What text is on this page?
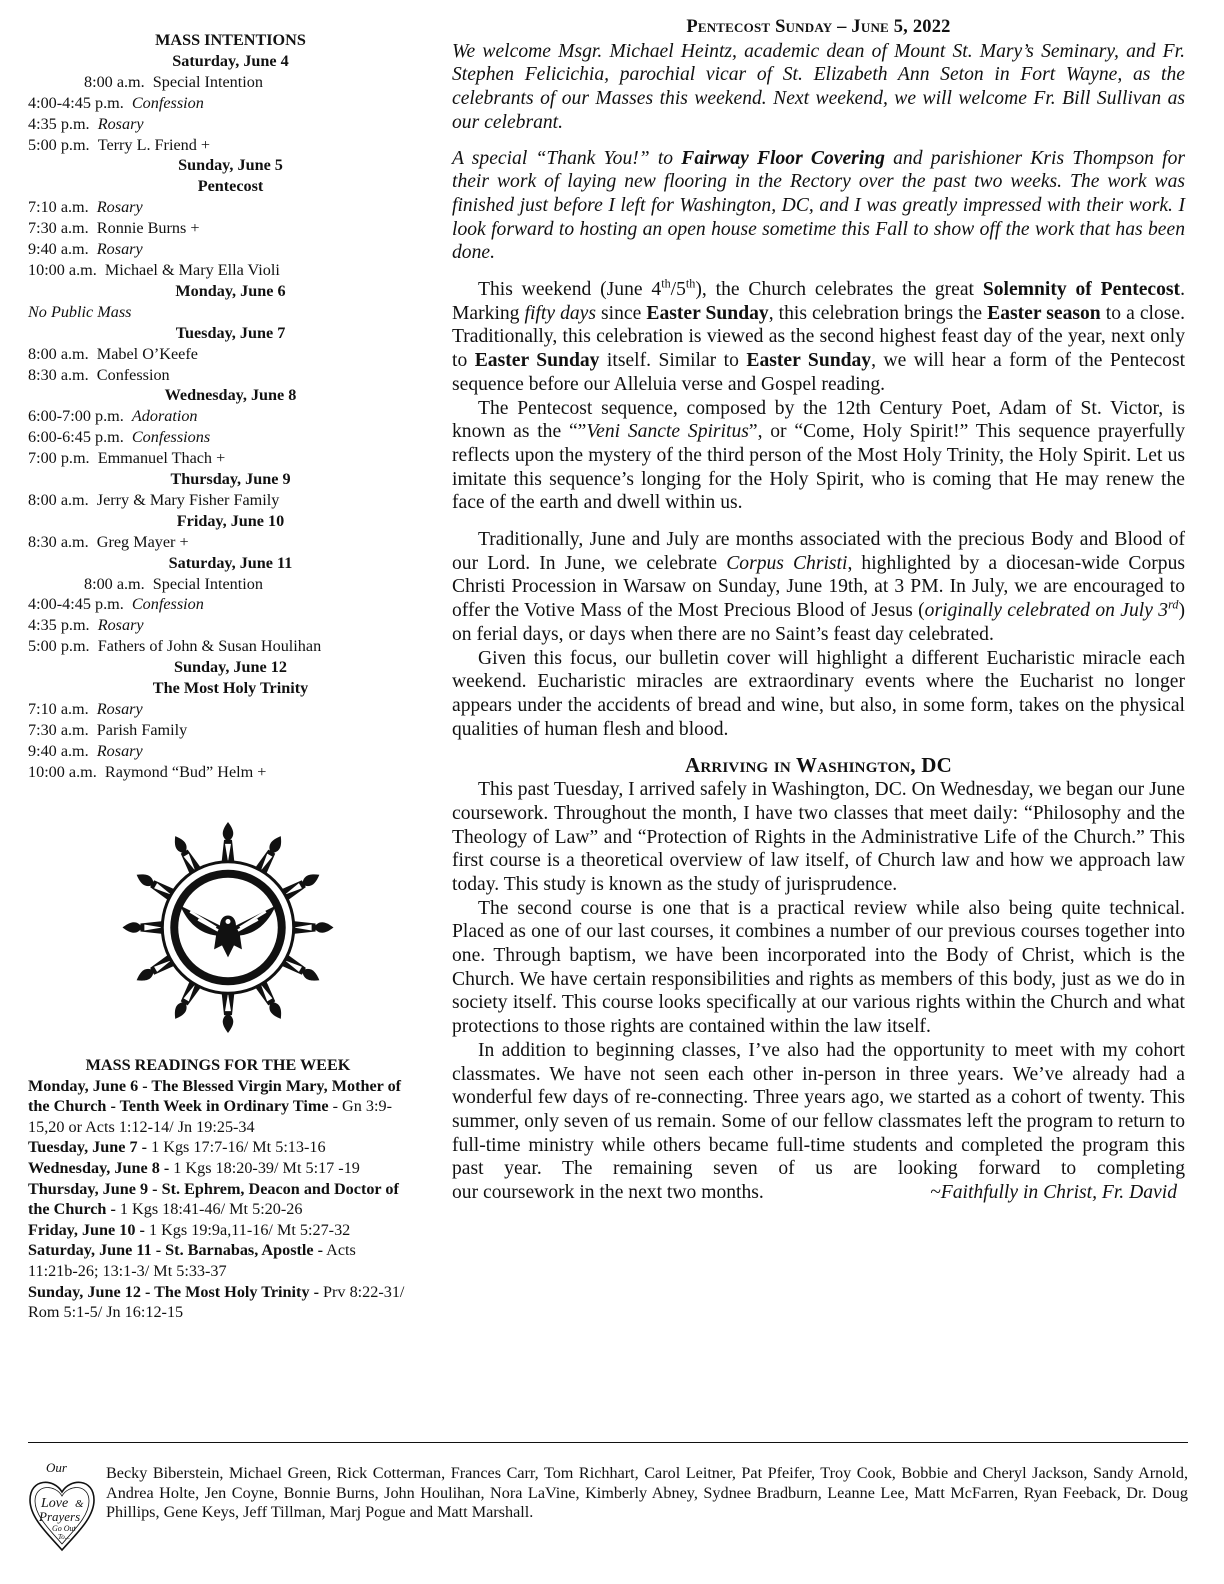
MASS INTENTIONS
Saturday, June 4
8:00 a.m.  Special Intention
4:00-4:45 p.m.  Confession
4:35 p.m.  Rosary
5:00 p.m.  Terry L. Friend +
Sunday, June 5
Pentecost
7:10 a.m.  Rosary
7:30 a.m.  Ronnie Burns +
9:40 a.m.  Rosary
10:00 a.m.  Michael & Mary Ella Violi
Monday, June 6
No Public Mass
Tuesday, June 7
8:00 a.m.  Mabel O’Keefe
8:30 a.m.  Confession
Wednesday, June 8
6:00-7:00 p.m.  Adoration
6:00-6:45 p.m.  Confessions
7:00 p.m.  Emmanuel Thach +
Thursday, June 9
8:00 a.m.  Jerry & Mary Fisher Family
Friday, June 10
8:30 a.m.  Greg Mayer +
Saturday, June 11
8:00 a.m.  Special Intention
4:00-4:45 p.m.  Confession
4:35 p.m.  Rosary
5:00 p.m.  Fathers of John & Susan Houlihan
Sunday, June 12
The Most Holy Trinity
7:10 a.m.  Rosary
7:30 a.m.  Parish Family
9:40 a.m.  Rosary
10:00 a.m.  Raymond “Bud” Helm +
MASS READINGS FOR THE WEEK

Monday, June 6 - The Blessed Virgin Mary, Mother of the Church - Tenth Week in Ordinary Time - Gn 3:9-15,20 or Acts 1:12-14/ Jn 19:25-34

Tuesday, June 7 - 1 Kgs 17:7-16/ Mt 5:13-16

Wednesday, June 8 - 1 Kgs 18:20-39/ Mt 5:17 -19

Thursday, June 9 - St. Ephrem, Deacon and Doctor of the Church - 1 Kgs 18:41-46/ Mt 5:20-26

Friday, June 10 - 1 Kgs 19:9a,11-16/ Mt 5:27-32

Saturday, June 11 - St. Barnabas, Apostle - Acts 11:21b-26; 13:1-3/ Mt 5:33-37

Sunday, June 12 - The Most Holy Trinity - Prv 8:22-31/ Rom 5:1-5/ Jn 16:12-15

Pentecost Sunday – June 5, 2022

We welcome Msgr. Michael Heintz, academic dean of Mount St. Mary’s Seminary, and Fr. Stephen Felicichia, parochial vicar of St. Elizabeth Ann Seton in Fort Wayne, as the celebrants of our Masses this weekend. Next weekend, we will welcome Fr. Bill Sullivan as our celebrant.

A special “Thank You!” to Fairway Floor Covering and parishioner Kris Thompson for their work of laying new flooring in the Rectory over the past two weeks. The work was finished just before I left for Washington, DC, and I was greatly impressed with their work. I look forward to hosting an open house sometime this Fall to show off the work that has been done.

This weekend (June 4th/5th), the Church celebrates the great Solemnity of Pentecost. Marking fifty days since Easter Sunday, this celebration brings the Easter season to a close. Traditionally, this celebration is viewed as the second highest feast day of the year, next only to Easter Sunday itself. Similar to Easter Sunday, we will hear a form of the Pentecost sequence before our Alleluia verse and Gospel reading.

The Pentecost sequence, composed by the 12th Century Poet, Adam of St. Victor, is known as the “”Veni Sancte Spiritus”, or “Come, Holy Spirit!” This sequence prayerfully reflects upon the mystery of the third person of the Most Holy Trinity, the Holy Spirit. Let us imitate this sequence’s longing for the Holy Spirit, who is coming that He may renew the face of the earth and dwell within us.

Traditionally, June and July are months associated with the precious Body and Blood of our Lord. In June, we celebrate Corpus Christi, highlighted by a diocesan-wide Corpus Christi Procession in Warsaw on Sunday, June 19th, at 3 PM. In July, we are encouraged to offer the Votive Mass of the Most Precious Blood of Jesus (originally celebrated on July 3rd) on ferial days, or days when there are no Saint’s feast day celebrated.

Given this focus, our bulletin cover will highlight a different Eucharistic miracle each weekend. Eucharistic miracles are extraordinary events where the Eucharist no longer appears under the accidents of bread and wine, but also, in some form, takes on the physical qualities of human flesh and blood.

Arriving in Washington, DC

This past Tuesday, I arrived safely in Washington, DC. On Wednesday, we began our June coursework. Throughout the month, I have two classes that meet daily: “Philosophy and the Theology of Law” and “Protection of Rights in the Administrative Life of the Church.” This first course is a theoretical overview of law itself, of Church law and how we approach law today. This study is known as the study of jurisprudence.

The second course is one that is a practical review while also being quite technical. Placed as one of our last courses, it combines a number of our previous courses together into one. Through baptism, we have been incorporated into the Body of Christ, which is the Church. We have certain responsibilities and rights as members of this body, just as we do in society itself. This course looks specifically at our various rights within the Church and what protections to those rights are contained within the law itself.

In addition to beginning classes, I’ve also had the opportunity to meet with my cohort classmates. We have not seen each other in-person in three years. We’ve already had a wonderful few days of re-connecting. Three years ago, we started as a cohort of twenty. This summer, only seven of us remain. Some of our fellow classmates left the program to return to full-time ministry while others became full-time students and completed the program this past year. The remaining seven of us are looking forward to completing

our coursework in the next two months.	~Faithfully in Christ, Fr. David

Our
Love &
Prayers
Go Out
To...
Becky Biberstein, Michael Green, Rick Cotterman, Frances Carr, Tom Richhart, Carol Leitner, Pat Pfeifer, Troy Cook, Bobbie and Cheryl Jackson, Sandy Arnold, Andrea Holte, Jen Coyne, Bonnie Burns, John Houlihan, Nora LaVine, Kimberly Abney, Sydnee Bradburn, Leanne Lee, Matt McFarren, Ryan Feeback, Dr. Doug Phillips, Gene Keys, Jeff Tillman, Marj Pogue and Matt Marshall.
